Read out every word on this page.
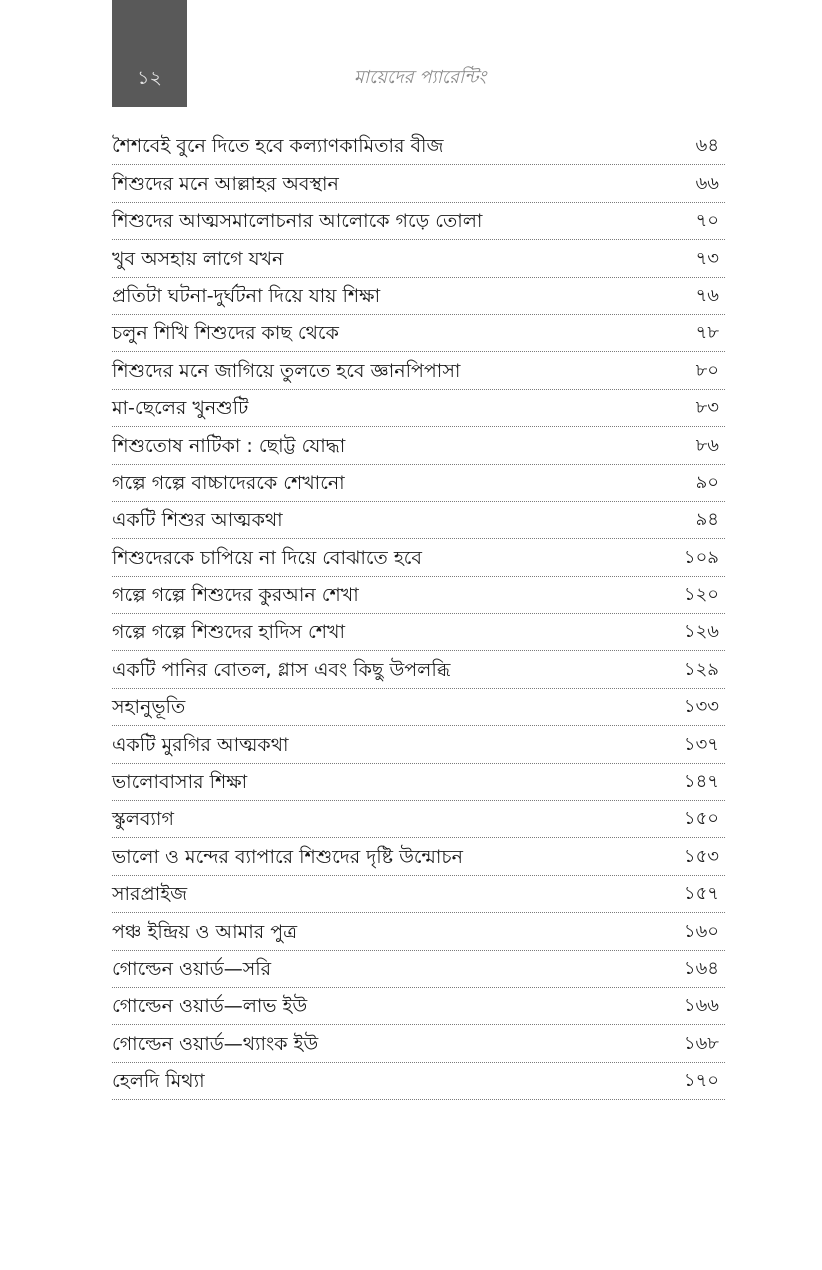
১২	মায়েদের প্যারেন্টিং
শৈশবেই বুনে দিতে হবে কল্যাণকামিতার বীজ	৬৪
শিশুদের মনে আল্লাহর অবস্থান	৬৬
শিশুদের আত্মসমালোচনার আলোকে গড়ে তোলা	৭০
খুব অসহায় লাগে যখন	৭৩
প্রতিটা ঘটনা-দুর্ঘটনা দিয়ে যায় শিক্ষা	৭৬
চলুন শিখি শিশুদের কাছ থেকে	৭৮
শিশুদের মনে জাগিয়ে তুলতে হবে জ্ঞানপিপাসা	৮০
মা-ছেলের খুনশুটি	৮৩
শিশুতোষ নাটিকা : ছোট্ট যোদ্ধা	৮৬
গল্পে গল্পে বাচ্চাদেরকে শেখানো	৯০
একটি শিশুর আত্মকথা	৯৪
শিশুদেরকে চাপিয়ে না দিয়ে বোঝাতে হবে	১০৯
গল্পে গল্পে শিশুদের কুরআন শেখা	১২০
গল্পে গল্পে শিশুদের হাদিস শেখা	১২৬
একটি পানির বোতল, গ্লাস এবং কিছু উপলব্ধি	১২৯
সহানুভূতি	১৩৩
একটি মুরগির আত্মকথা	১৩৭
ভালোবাসার শিক্ষা	১৪৭
স্কুলব্যাগ	১৫০
ভালো ও মন্দের ব্যাপারে শিশুদের দৃষ্টি উন্মোচন	১৫৩
সারপ্রাইজ	১৫৭
পঞ্চ ইন্দ্রিয় ও আমার পুত্র	১৬০
গোল্ডেন ওয়ার্ড—সরি	১৬৪
গোল্ডেন ওয়ার্ড—লাভ ইউ	১৬৬
গোল্ডেন ওয়ার্ড—থ্যাংক ইউ	১৬৮
হেলদি মিথ্যা	১৭০
